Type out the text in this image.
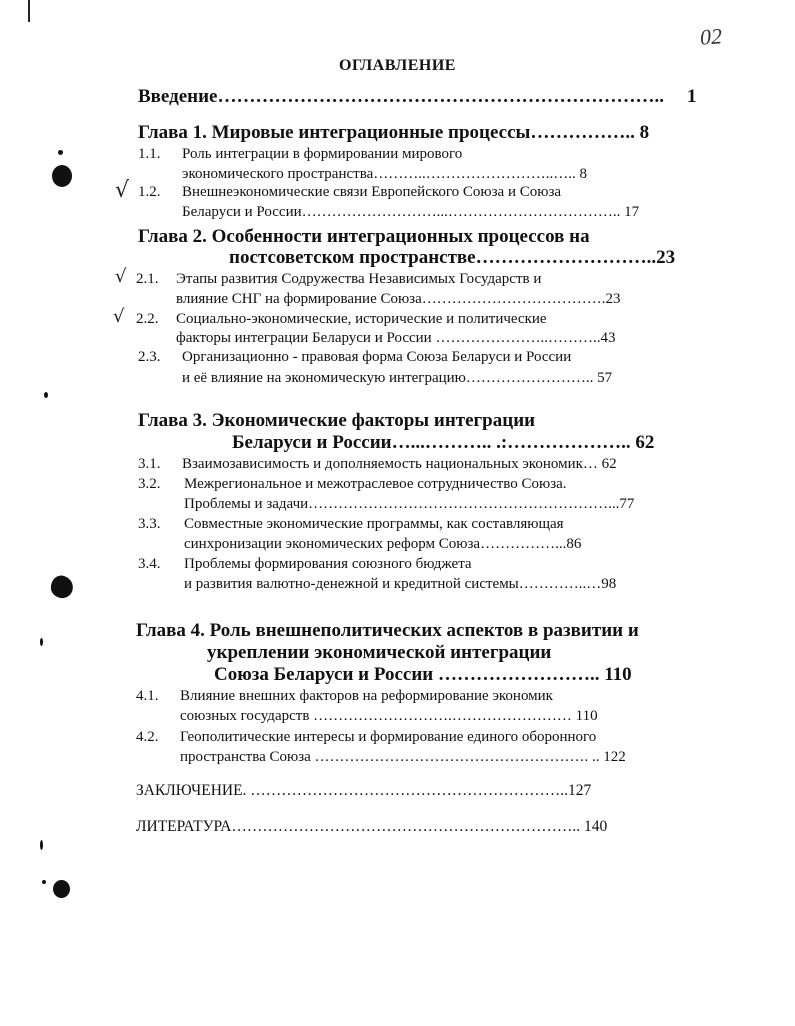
02
ОГЛАВЛЕНИЕ
Введение……………………………………………………………..	1
Глава 1. Мировые интеграционные процессы…………….. 8
1.1. Роль интеграции в формировании мирового
экономического пространства………..……………………..….. 8
√ 1.2. Внешнеэкономические связи Европейского Союза и Союза
Беларуси и России………………………...…………………………….. 17
Глава 2. Особенности интеграционных процессов на
постсоветском пространстве………………………..23
√ 2.1. Этапы развития Содружества Независимых Государств и
влияние СНГ на формирование Союза……………………………….23
√ 2.2. Социально-экономические, исторические и политические
факторы интеграции Беларуси и России …………………..………..43
2.3. Организационно - правовая форма Союза Беларуси и России
и её влияние на экономическую интеграцию…………………….. 57
Глава 3. Экономические факторы интеграции
Беларуси и России…...……….. .:……………….. 62
3.1. Взаимозависимость и дополняемость национальных экономик… 62
3.2. Межрегиональное и межотраслевое сотрудничество Союза.
Проблемы и задачи……………………………………………………...77
3.3. Совместные экономические программы, как составляющая
синхронизации экономических реформ Союза……………...86
3.4. Проблемы формирования союзного бюджета
и развития валютно-денежной и кредитной системы…………..…98
Глава 4. Роль внешнеполитических аспектов в развитии и
укреплении экономической интеграции
Союза Беларуси и России …………………….. 110
4.1. Влияние внешних факторов на реформирование экономик
союзных государств ……………………….…………………… 110
4.2. Геополитические интересы и формирование единого оборонного
пространства Союза ………………………………………………. .. 122
ЗАКЛЮЧЕНИЕ. ……………………………………………………..127
ЛИТЕРАТУРА………………………………………………………….. 140
